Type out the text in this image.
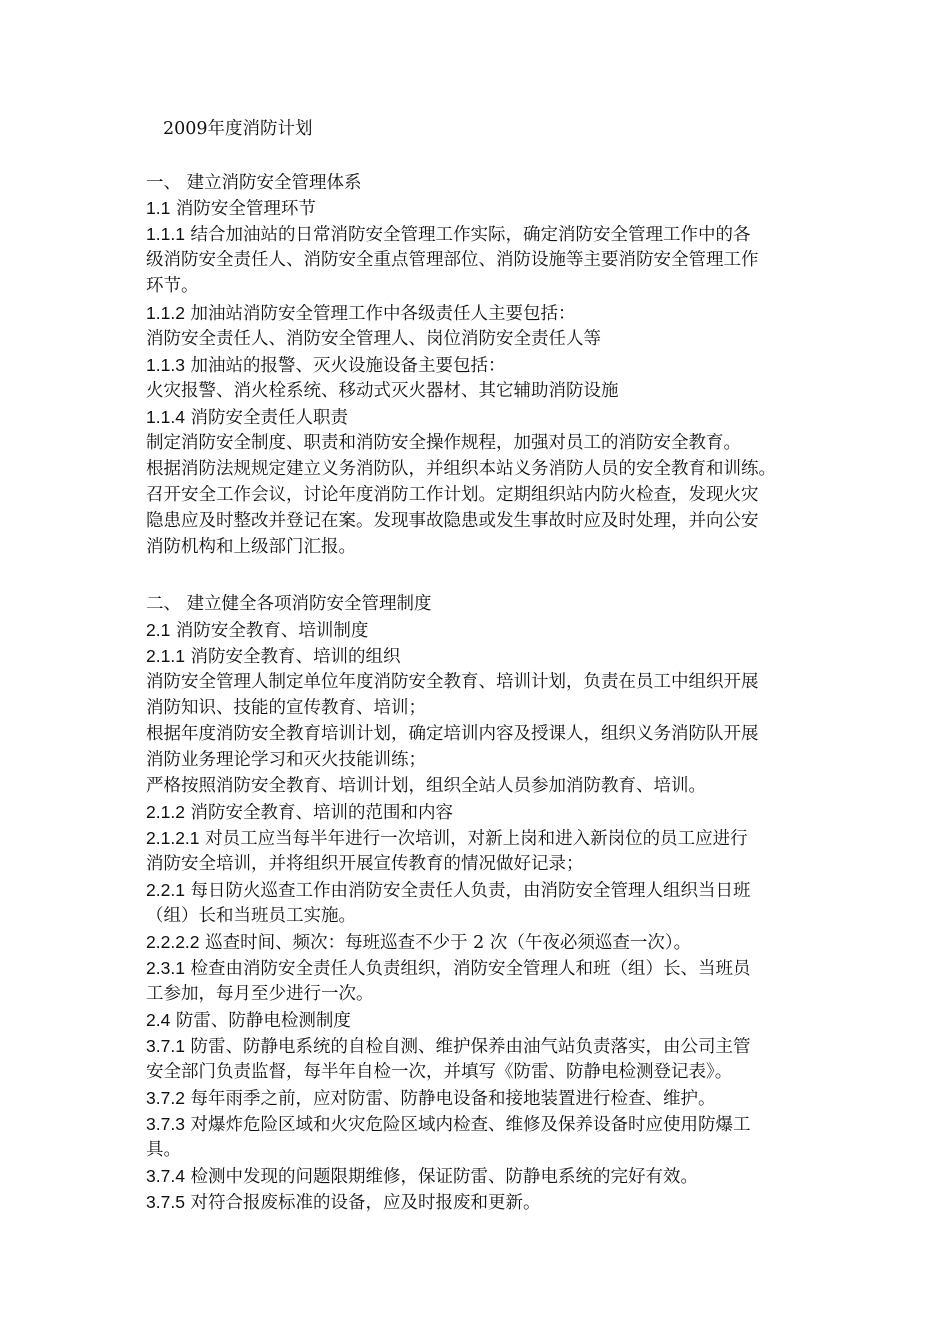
2009年度消防计划
一、 建立消防安全管理体系
1.1 消防安全管理环节
1.1.1 结合加油站的日常消防安全管理工作实际，确定消防安全管理工作中的各
级消防安全责任人、消防安全重点管理部位、消防设施等主要消防安全管理工作
环节。
1.1.2 加油站消防安全管理工作中各级责任人主要包括：
消防安全责任人、消防安全管理人、岗位消防安全责任人等
1.1.3 加油站的报警、灭火设施设备主要包括：
火灾报警、消火栓系统、移动式灭火器材、其它辅助消防设施
1.1.4 消防安全责任人职责
制定消防安全制度、职责和消防安全操作规程，加强对员工的消防安全教育。
根据消防法规规定建立义务消防队，并组织本站义务消防人员的安全教育和训练。
召开安全工作会议，讨论年度消防工作计划。定期组织站内防火检查，发现火灾
隐患应及时整改并登记在案。发现事故隐患或发生事故时应及时处理，并向公安
消防机构和上级部门汇报。
二、 建立健全各项消防安全管理制度
2.1 消防安全教育、培训制度
2.1.1 消防安全教育、培训的组织
消防安全管理人制定单位年度消防安全教育、培训计划，负责在员工中组织开展
消防知识、技能的宣传教育、培训；
根据年度消防安全教育培训计划，确定培训内容及授课人，组织义务消防队开展
消防业务理论学习和灭火技能训练；
严格按照消防安全教育、培训计划，组织全站人员参加消防教育、培训。
2.1.2 消防安全教育、培训的范围和内容
2.1.2.1 对员工应当每半年进行一次培训，对新上岗和进入新岗位的员工应进行
消防安全培训，并将组织开展宣传教育的情况做好记录；
2.2.1 每日防火巡查工作由消防安全责任人负责，由消防安全管理人组织当日班
（组）长和当班员工实施。
2.2.2.2 巡查时间、频次：每班巡查不少于 2 次（午夜必须巡查一次）。
2.3.1 检查由消防安全责任人负责组织，消防安全管理人和班（组）长、当班员
工参加，每月至少进行一次。
2.4 防雷、防静电检测制度
3.7.1 防雷、防静电系统的自检自测、维护保养由油气站负责落实，由公司主管
安全部门负责监督，每半年自检一次，并填写《防雷、防静电检测登记表》。
3.7.2 每年雨季之前，应对防雷、防静电设备和接地装置进行检查、维护。
3.7.3 对爆炸危险区域和火灾危险区域内检查、维修及保养设备时应使用防爆工
具。
3.7.4 检测中发现的问题限期维修，保证防雷、防静电系统的完好有效。
3.7.5 对符合报废标准的设备，应及时报废和更新。
